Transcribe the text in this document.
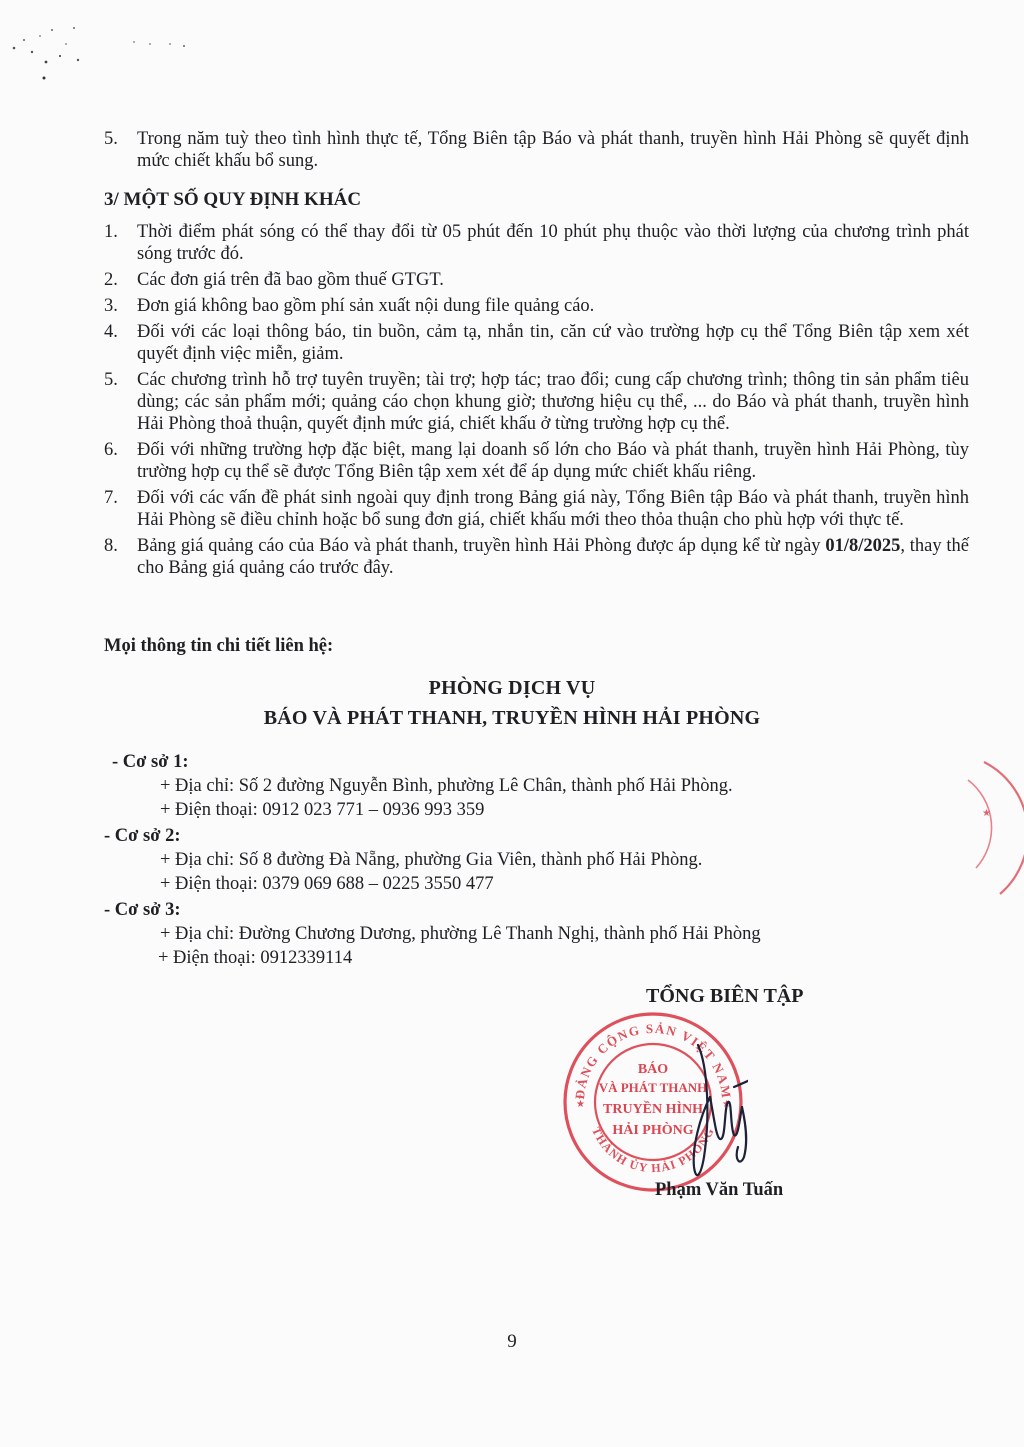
5. Trong năm tuỳ theo tình hình thực tế, Tổng Biên tập Báo và phát thanh, truyền hình Hải Phòng sẽ quyết định mức chiết khấu bổ sung.

3/ MỘT SỐ QUY ĐỊNH KHÁC

1. Thời điểm phát sóng có thể thay đổi từ 05 phút đến 10 phút phụ thuộc vào thời lượng của chương trình phát sóng trước đó.

2. Các đơn giá trên đã bao gồm thuế GTGT.

3. Đơn giá không bao gồm phí sản xuất nội dung file quảng cáo.

4. Đối với các loại thông báo, tin buồn, cảm tạ, nhắn tin, căn cứ vào trường hợp cụ thể Tổng Biên tập xem xét quyết định việc miễn, giảm.

5. Các chương trình hỗ trợ tuyên truyền; tài trợ; hợp tác; trao đổi; cung cấp chương trình; thông tin sản phẩm tiêu dùng; các sản phẩm mới; quảng cáo chọn khung giờ; thương hiệu cụ thể, ... do Báo và phát thanh, truyền hình Hải Phòng thoả thuận, quyết định mức giá, chiết khấu ở từng trường hợp cụ thể.

6. Đối với những trường hợp đặc biệt, mang lại doanh số lớn cho Báo và phát thanh, truyền hình Hải Phòng, tùy trường hợp cụ thể sẽ được Tổng Biên tập xem xét để áp dụng mức chiết khấu riêng.

7. Đối với các vấn đề phát sinh ngoài quy định trong Bảng giá này, Tổng Biên tập Báo và phát thanh, truyền hình Hải Phòng sẽ điều chỉnh hoặc bổ sung đơn giá, chiết khấu mới theo thỏa thuận cho phù hợp với thực tế.

8. Bảng giá quảng cáo của Báo và phát thanh, truyền hình Hải Phòng được áp dụng kể từ ngày 01/8/2025, thay thế cho Bảng giá quảng cáo trước đây.

Mọi thông tin chi tiết liên hệ:
PHÒNG DỊCH VỤ
BÁO VÀ PHÁT THANH, TRUYỀN HÌNH HẢI PHÒNG
- Cơ sở 1:
+ Địa chỉ: Số 2 đường Nguyễn Bình, phường Lê Chân, thành phố Hải Phòng.
+ Điện thoại: 0912 023 771 – 0936 993 359
- Cơ sở 2:
+ Địa chỉ: Số 8 đường Đà Nẵng, phường Gia Viên, thành phố Hải Phòng.
+ Điện thoại: 0379 069 688 – 0225 3550 477
- Cơ sở 3:
+ Địa chỉ: Đường Chương Dương, phường Lê Thanh Nghị, thành phố Hải Phòng
+ Điện thoại: 0912339114
TỔNG BIÊN TẬP
ĐẢNG CỘNG SẢN VIỆT NAM
THÀNH ỦY HẢI PHÒNG
★	★
BÁO
VÀ PHÁT THANH
TRUYỀN HÌNH
HẢI PHÒNG
Phạm Văn Tuấn
★
9
